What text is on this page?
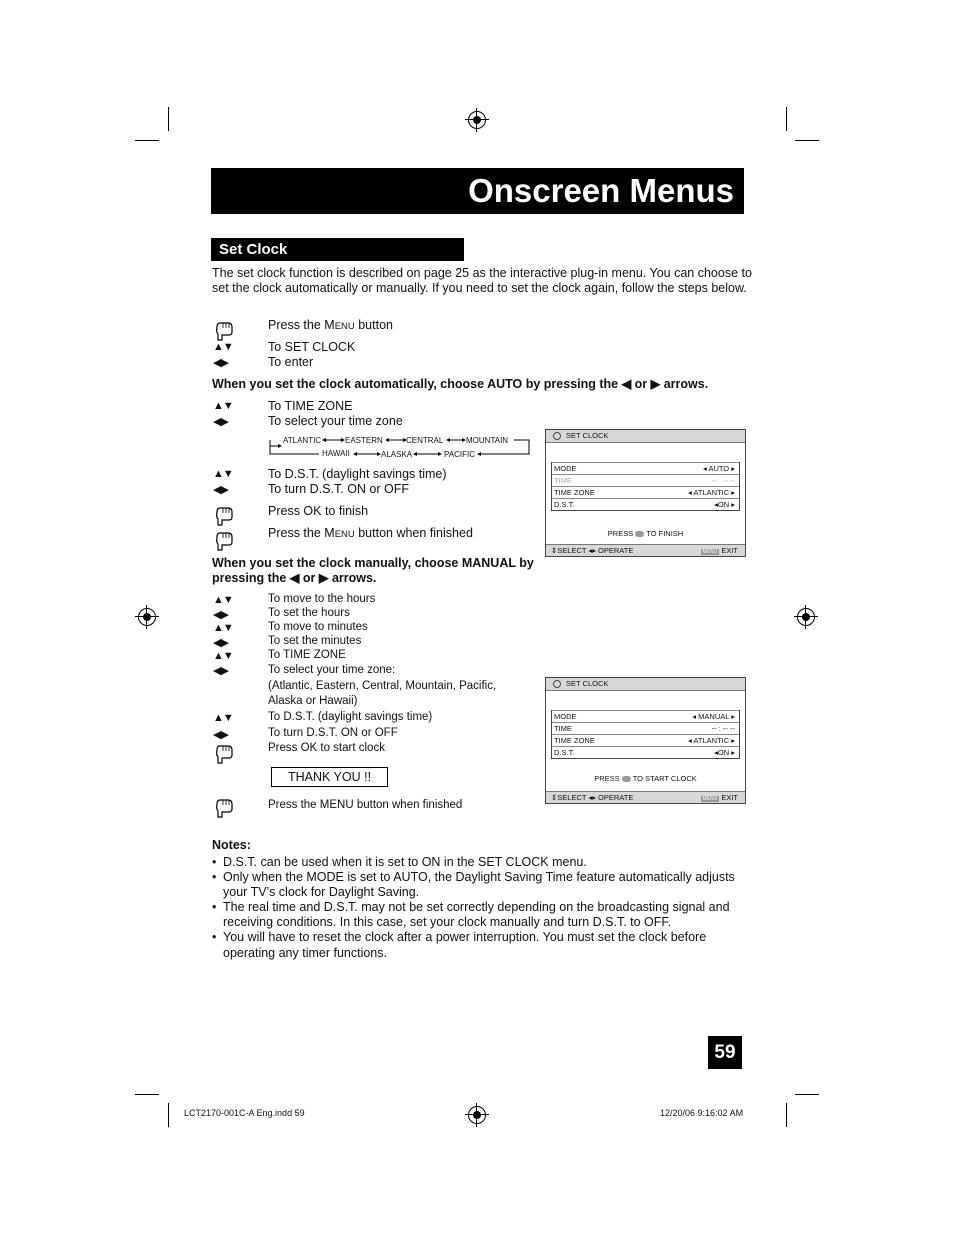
Onscreen Menus
Set Clock
The set clock function is described on page 25 as the interactive plug-in menu. You can choose to set the clock automatically or manually. If you need to set the clock again, follow the steps below.
Press the MENU button
▲▼	To SET CLOCK
◀▶	To enter
When you set the clock automatically, choose AUTO by pressing the ◀ or ▶ arrows.
▲▼	To TIME ZONE
◀▶	To select your time zone
ATLANTIC	EASTERN	CENTRAL	MOUNTAIN
HAWAII	ALASKA	PACIFIC
▲▼	To D.S.T. (daylight savings time)
◀▶	To turn D.S.T. ON or OFF
Press OK to finish
Press the MENU button when finished
SET CLOCK
MODE	◂ AUTO ▸
TIME	-- : -- --
TIME ZONE	◂ ATLANTIC ▸
D.S.T.	◂ON ▸
PRESS TO FINISH
⇕SELECT ◂▸ OPERATE	MENU EXIT
When you set the clock manually, choose MANUAL by pressing the ◀ or ▶ arrows.
▲▼	To move to the hours
◀▶	To set the hours
▲▼	To move to minutes
◀▶	To set the minutes
▲▼	To TIME ZONE
◀▶	To select your time zone:
(Atlantic, Eastern, Central, Mountain, Pacific,
Alaska or Hawaii)
▲▼	To D.S.T. (daylight savings time)
◀▶	To turn D.S.T. ON or OFF
Press OK to start clock
THANK YOU !!
Press the MENU button when finished
SET CLOCK
MODE	◂ MANUAL ▸
TIME	-- : -- --
TIME ZONE	◂ ATLANTIC ▸
D.S.T.	◂ON ▸
PRESS TO START CLOCK
⇕SELECT ◂▸ OPERATE	MENU EXIT
Notes:
• D.S.T. can be used when it is set to ON in the SET CLOCK menu.
• Only when the MODE is set to AUTO, the Daylight Saving Time feature automatically adjusts your TV’s clock for Daylight Saving.
• The real time and D.S.T. may not be set correctly depending on the broadcasting signal and receiving conditions. In this case, set your clock manually and turn D.S.T. to OFF.
• You will have to reset the clock after a power interruption. You must set the clock before operating any timer functions.
59
LCT2170-001C-A Eng.indd 59	12/20/06 9:16:02 AM
